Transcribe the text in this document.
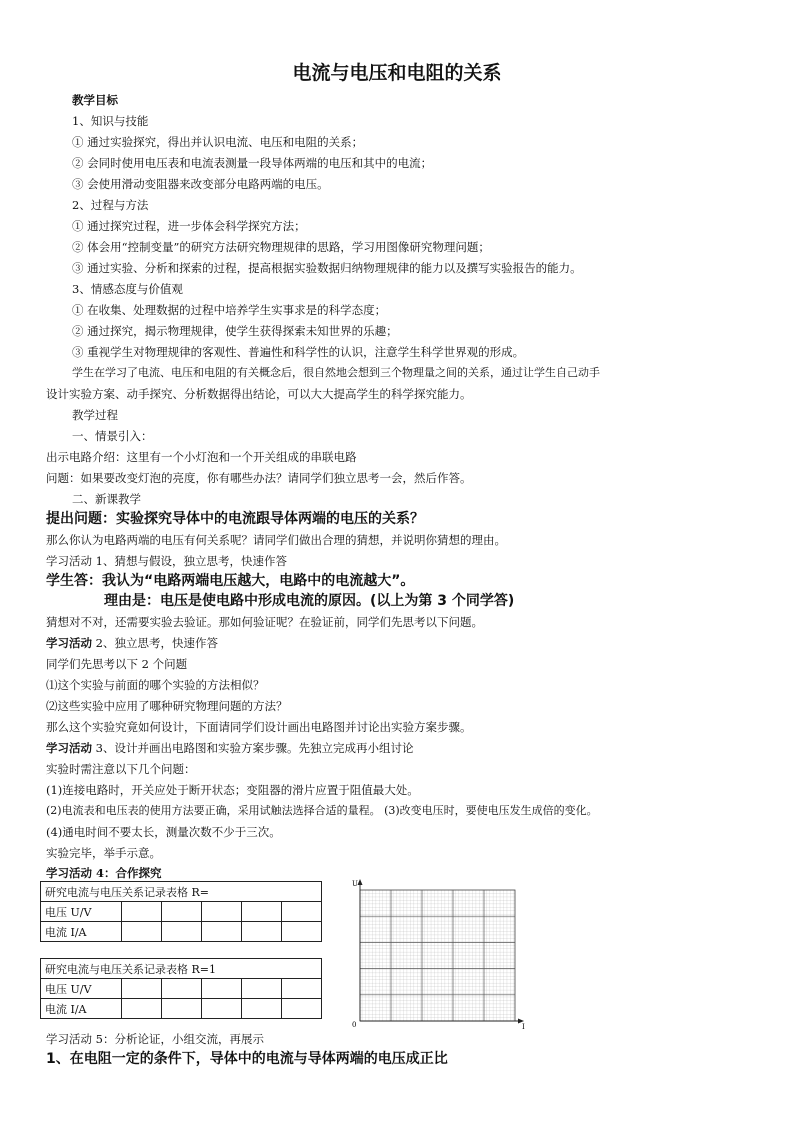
电流与电压和电阻的关系
教学目标
1、知识与技能
① 通过实验探究，得出并认识电流、电压和电阻的关系；
② 会同时使用电压表和电流表测量一段导体两端的电压和其中的电流；
③ 会使用滑动变阻器来改变部分电路两端的电压。
2、过程与方法
① 通过探究过程，进一步体会科学探究方法；
② 体会用“控制变量”的研究方法研究物理规律的思路，学习用图像研究物理问题；
③ 通过实验、分析和探索的过程，提高根据实验数据归纳物理规律的能力以及撰写实验报告的能力。
3、情感态度与价值观
① 在收集、处理数据的过程中培养学生实事求是的科学态度；
② 通过探究，揭示物理规律，使学生获得探索未知世界的乐趣；
③ 重视学生对物理规律的客观性、普遍性和科学性的认识，注意学生科学世界观的形成。
学生在学习了电流、电压和电阻的有关概念后，很自然地会想到三个物理量之间的关系，通过让学生自己动手
设计实验方案、动手探究、分析数据得出结论，可以大大提高学生的科学探究能力。
教学过程
一、情景引入：
出示电路介绍：这里有一个小灯泡和一个开关组成的串联电路
问题：如果要改变灯泡的亮度，你有哪些办法？请同学们独立思考一会，然后作答。
二、新课教学
提出问题：实验探究导体中的电流跟导体两端的电压的关系？
那么你认为电路两端的电压有何关系呢？请同学们做出合理的猜想，并说明你猜想的理由。
学习活动 1、猜想与假设，独立思考，快速作答
学生答：我认为“电路两端电压越大，电路中的电流越大”。
理由是：电压是使电路中形成电流的原因。(以上为第 3 个同学答)
猜想对不对，还需要实验去验证。那如何验证呢？在验证前，同学们先思考以下问题。
学习活动 2、独立思考，快速作答
同学们先思考以下 2 个问题
⑴这个实验与前面的哪个实验的方法相似？
⑵这些实验中应用了哪种研究物理问题的方法？
那么这个实验究竟如何设计，下面请同学们设计画出电路图并讨论出实验方案步骤。
学习活动 3、设计并画出电路图和实验方案步骤。先独立完成再小组讨论
实验时需注意以下几个问题：
(1)连接电路时，开关应处于断开状态；变阻器的滑片应置于阻值最大处。
(2)电流表和电压表的使用方法要正确，采用试触法选择合适的量程。 (3)改变电压时，要使电压发生成倍的变化。
(4)通电时间不要太长，测量次数不少于三次。
实验完毕，举手示意。
学习活动 4：合作探究
研究电流与电压关系记录表格 R=					
电压 U/V					
电流 I/A					
研究电流与电压关系记录表格 R=1					
电压 U/V					
电流 I/A					
U
I
0
学习活动 5：分析论证，小组交流，再展示
1、在电阻一定的条件下，导体中的电流与导体两端的电压成正比
